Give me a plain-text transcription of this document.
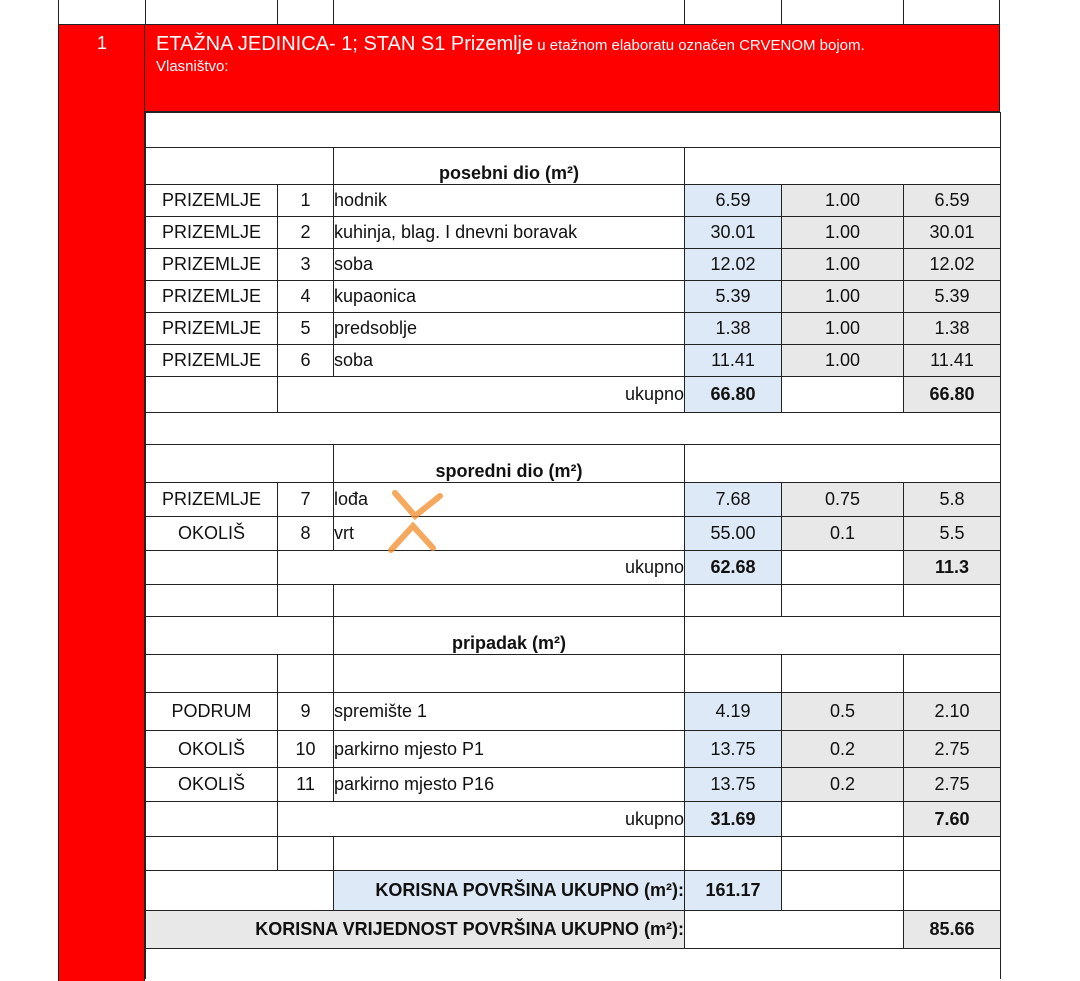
1	ETAŽNA JEDINICA- 1; STAN S1 Prizemlje u etažnom elaboratu označen CRVENOM bojom.
Vlasništvo:

		posebni dio (m²)			
PRIZEMLJE	1	hodnik	6.59	1.00	6.59
PRIZEMLJE	2	kuhinja, blag. I dnevni boravak	30.01	1.00	30.01
PRIZEMLJE	3	soba	12.02	1.00	12.02
PRIZEMLJE	4	kupaonica	5.39	1.00	5.39
PRIZEMLJE	5	predsoblje	1.38	1.00	1.38
PRIZEMLJE	6	soba	11.41	1.00	11.41
	ukupno		66.80		66.80

		sporedni dio (m²)			
PRIZEMLJE	7	lođa	7.68	0.75	5.8
OKOLIŠ	8	vrt	55.00	0.1	5.5
	ukupno		62.68		11.3

		pripadak (m²)			

PODRUM	9	spremište 1	4.19	0.5	2.10
OKOLIŠ	10	parkirno mjesto P1	13.75	0.2	2.75
OKOLIŠ	11	parkirno mjesto P16	13.75	0.2	2.75
	ukupno		31.69		7.60

		KORISNA POVRŠINA UKUPNO (m²):	161.17		
KORISNA VRIJEDNOST POVRŠINA UKUPNO (m²):					85.66
